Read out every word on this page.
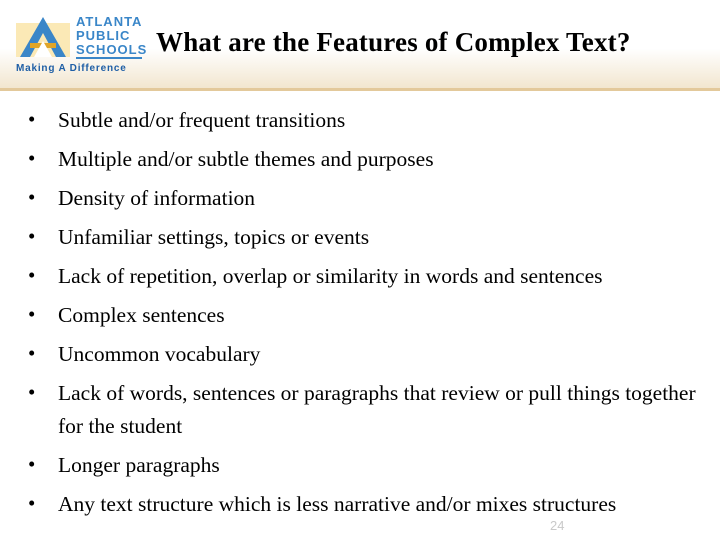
ATLANTA
PUBLIC
SCHOOLS
Making A Difference
What are the Features of Complex Text?
• Subtle and/or frequent transitions
• Multiple and/or subtle themes and purposes
• Density of information
• Unfamiliar settings, topics or events
• Lack of repetition, overlap or similarity in words and sentences
• Complex sentences
• Uncommon vocabulary
• Lack of words, sentences or paragraphs that review or pull things together for the student
• Longer paragraphs
• Any text structure which is less narrative and/or mixes structures
24
